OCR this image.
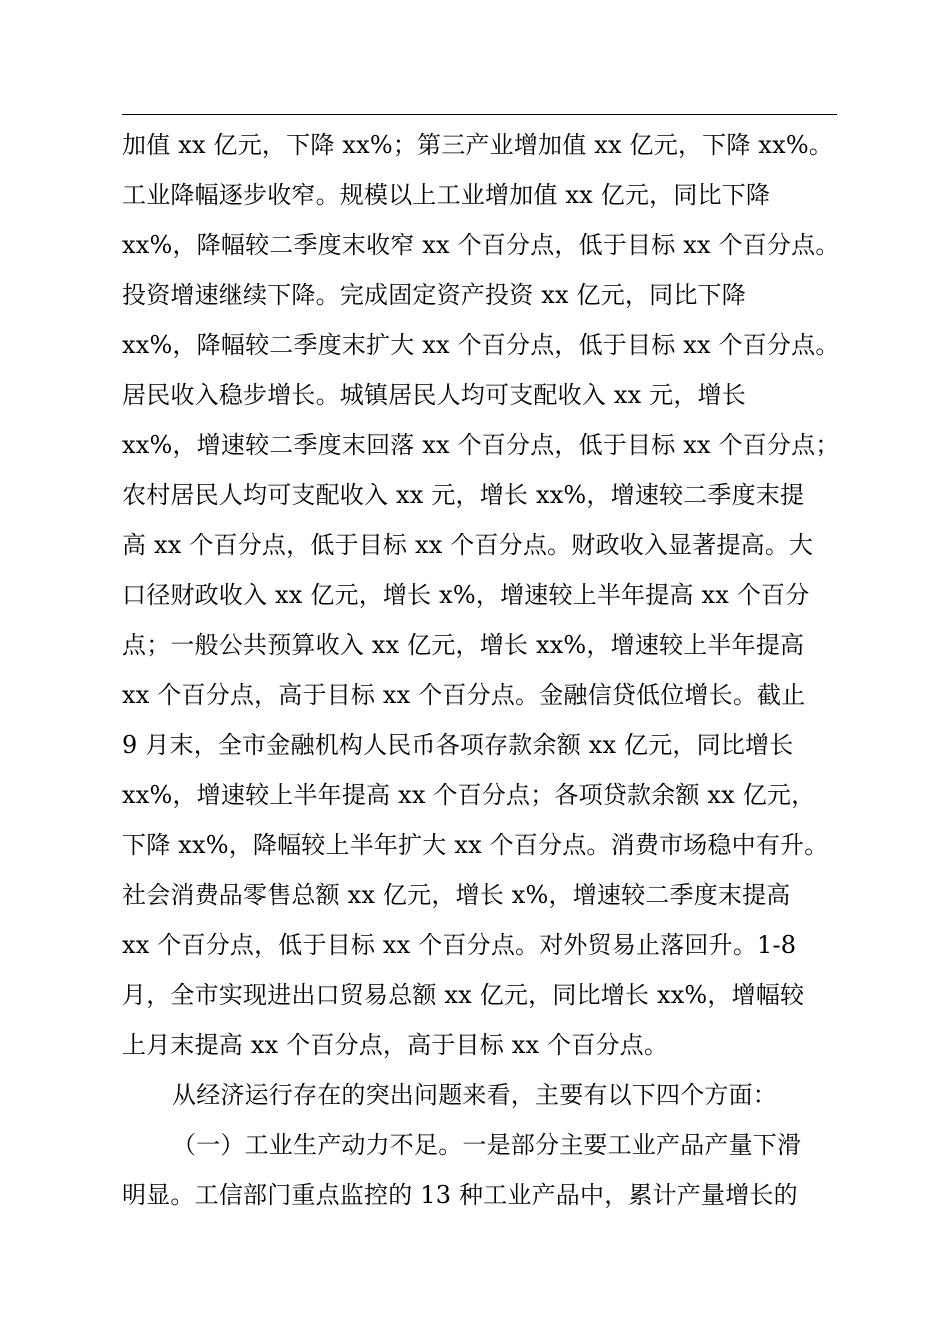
加值 xx 亿元，下降 xx%；第三产业增加值 xx 亿元，下降 xx%。
工业降幅逐步收窄。规模以上工业增加值 xx 亿元，同比下降
xx%，降幅较二季度末收窄 xx 个百分点，低于目标 xx 个百分点。
投资增速继续下降。完成固定资产投资 xx 亿元，同比下降
xx%，降幅较二季度末扩大 xx 个百分点，低于目标 xx 个百分点。
居民收入稳步增长。城镇居民人均可支配收入 xx 元，增长
xx%，增速较二季度末回落 xx 个百分点，低于目标 xx 个百分点；
农村居民人均可支配收入 xx 元，增长 xx%，增速较二季度末提
高 xx 个百分点，低于目标 xx 个百分点。财政收入显著提高。大
口径财政收入 xx 亿元，增长 x%，增速较上半年提高 xx 个百分
点；一般公共预算收入 xx 亿元，增长 xx%，增速较上半年提高
xx 个百分点，高于目标 xx 个百分点。金融信贷低位增长。截止
9 月末，全市金融机构人民币各项存款余额 xx 亿元，同比增长
xx%，增速较上半年提高 xx 个百分点；各项贷款余额 xx 亿元，
下降 xx%，降幅较上半年扩大 xx 个百分点。消费市场稳中有升。
社会消费品零售总额 xx 亿元，增长 x%，增速较二季度末提高
xx 个百分点，低于目标 xx 个百分点。对外贸易止落回升。1-8
月，全市实现进出口贸易总额 xx 亿元，同比增长 xx%，增幅较
上月末提高 xx 个百分点，高于目标 xx 个百分点。
从经济运行存在的突出问题来看，主要有以下四个方面：
（一）工业生产动力不足。一是部分主要工业产品产量下滑
明显。工信部门重点监控的 13 种工业产品中，累计产量增长的
